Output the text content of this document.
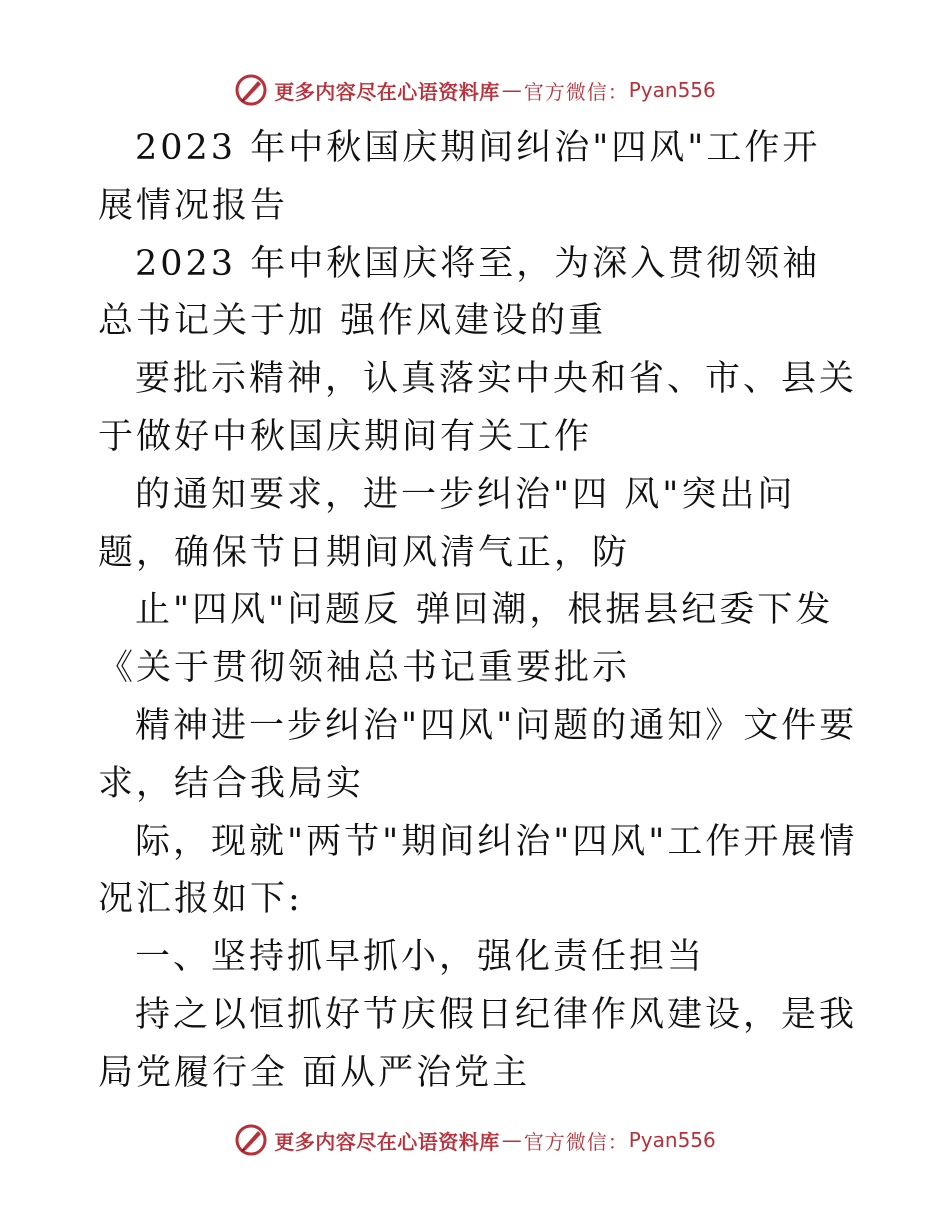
更多内容尽在心语资料库 — 官方微信： Pyan556

2023 年中秋国庆期间纠治"四风"工作开展情况报告

2023 年中秋国庆将至，为深入贯彻领袖总书记关于加 强作风建设的重

要批示精神，认真落实中央和省、市、县关 于做好中秋国庆期间有关工作

的通知要求，进一步纠治"四 风"突出问题，确保节日期间风清气正，防

止"四风"问题反 弹回潮，根据县纪委下发《关于贯彻领袖总书记重要批示

精神进一步纠治"四风"问题的通知》文件要求，结合我局实

际，现就"两节"期间纠治"四风"工作开展情况汇报如下:

一、坚持抓早抓小，强化责任担当

持之以恒抓好节庆假日纪律作风建设，是我局党履行全 面从严治党主

更多内容尽在心语资料库 — 官方微信： Pyan556
